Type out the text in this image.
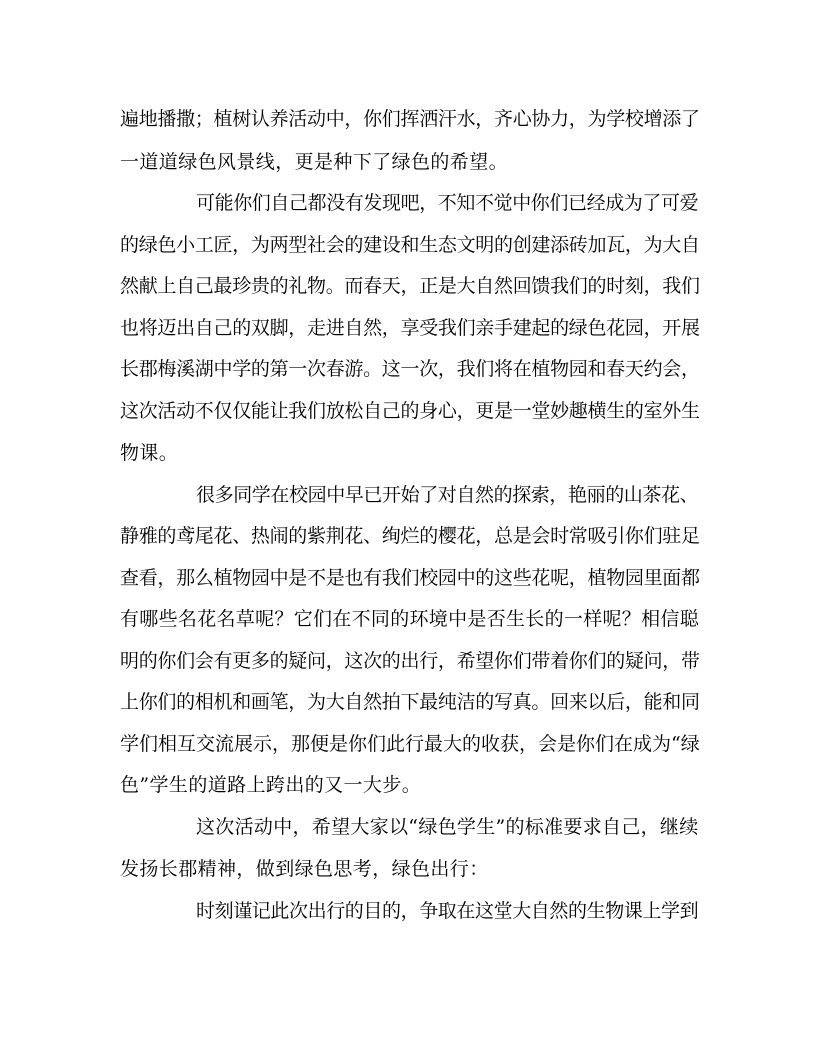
遍地播撒；植树认养活动中，你们挥洒汗水，齐心协力，为学校增添了
一道道绿色风景线，更是种下了绿色的希望。
可能你们自己都没有发现吧，不知不觉中你们已经成为了可爱
的绿色小工匠，为两型社会的建设和生态文明的创建添砖加瓦，为大自
然献上自己最珍贵的礼物。而春天，正是大自然回馈我们的时刻，我们
也将迈出自己的双脚，走进自然，享受我们亲手建起的绿色花园，开展
长郡梅溪湖中学的第一次春游。这一次，我们将在植物园和春天约会，
这次活动不仅仅能让我们放松自己的身心，更是一堂妙趣横生的室外生
物课。
很多同学在校园中早已开始了对自然的探索，艳丽的山茶花、
静雅的鸢尾花、热闹的紫荆花、绚烂的樱花，总是会时常吸引你们驻足
查看，那么植物园中是不是也有我们校园中的这些花呢，植物园里面都
有哪些名花名草呢？它们在不同的环境中是否生长的一样呢？相信聪
明的你们会有更多的疑问，这次的出行，希望你们带着你们的疑问，带
上你们的相机和画笔，为大自然拍下最纯洁的写真。回来以后，能和同
学们相互交流展示，那便是你们此行最大的收获，会是你们在成为“绿
色”学生的道路上跨出的又一大步。
这次活动中，希望大家以“绿色学生”的标准要求自己，继续
发扬长郡精神，做到绿色思考，绿色出行：
时刻谨记此次出行的目的，争取在这堂大自然的生物课上学到
